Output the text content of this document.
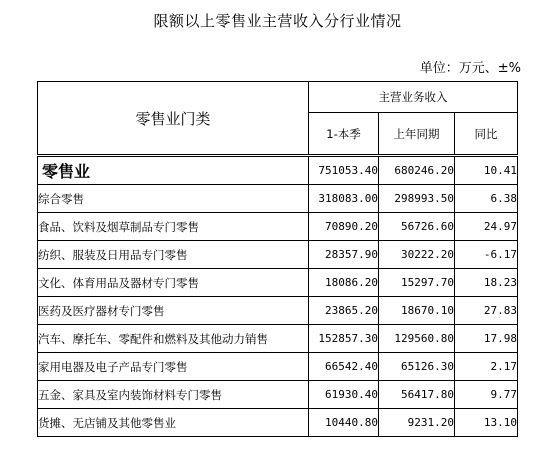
限额以上零售业主营收入分行业情况
单位：万元、±%
零售业门类	主营业务收入		
	1-本季	上年同期	同比
零售业	751053.40	680246.20	10.41
综合零售	318083.00	298993.50	6.38
食品、饮料及烟草制品专门零售	70890.20	56726.60	24.97
纺织、服装及日用品专门零售	28357.90	30222.20	-6.17
文化、体育用品及器材专门零售	18086.20	15297.70	18.23
医药及医疗器材专门零售	23865.20	18670.10	27.83
汽车、摩托车、零配件和燃料及其他动力销售	152857.30	129560.80	17.98
家用电器及电子产品专门零售	66542.40	65126.30	2.17
五金、家具及室内装饰材料专门零售	61930.40	56417.80	9.77
货摊、无店铺及其他零售业	10440.80	9231.20	13.10
